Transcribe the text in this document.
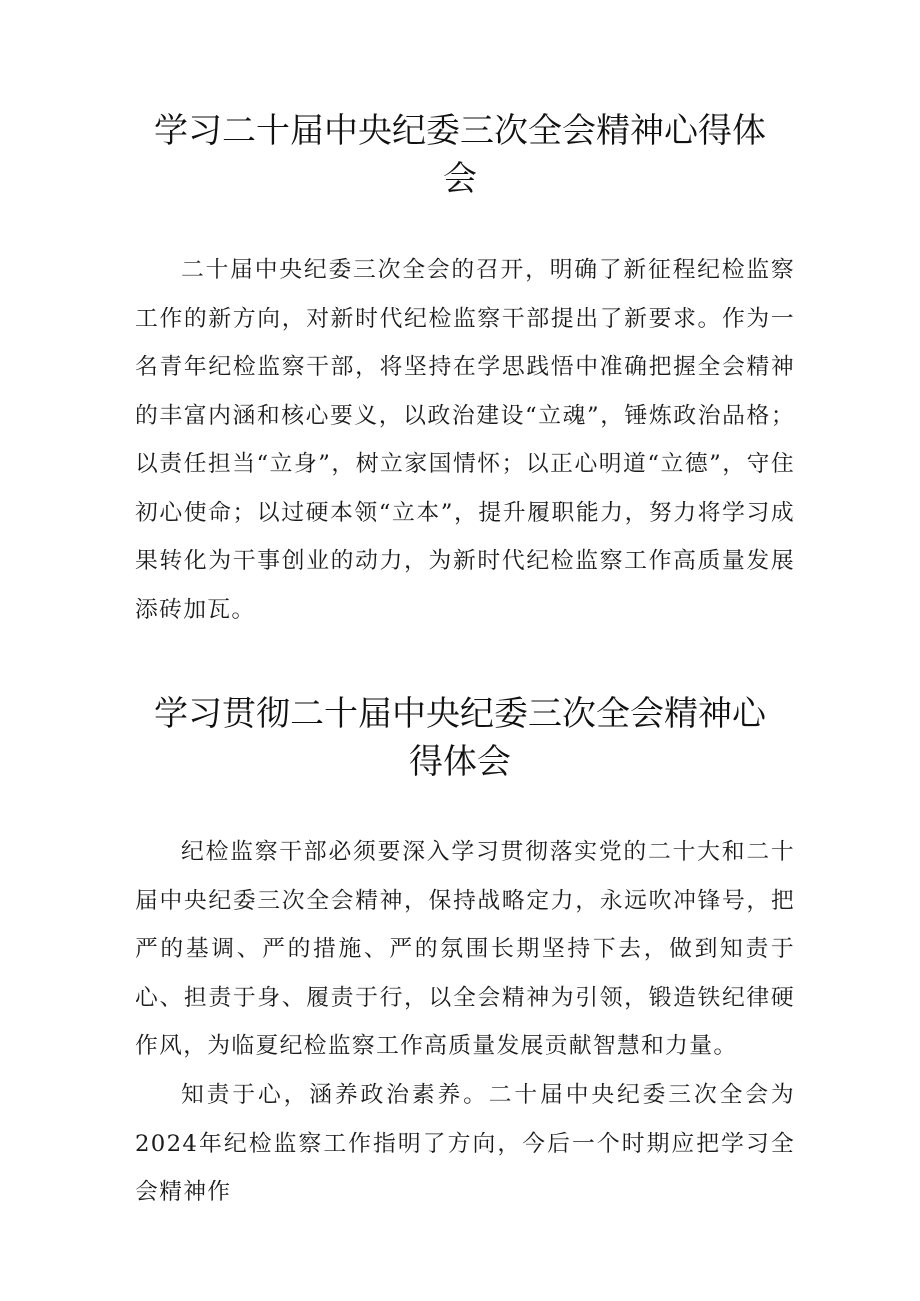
学习二十届中央纪委三次全会精神心得体会

二十届中央纪委三次全会的召开，明确了新征程纪检监察工作的新方向，对新时代纪检监察干部提出了新要求。作为一名青年纪检监察干部，将坚持在学思践悟中准确把握全会精神的丰富内涵和核心要义，以政治建设“立魂”，锤炼政治品格；以责任担当“立身”，树立家国情怀；以正心明道“立德”，守住初心使命；以过硬本领“立本”，提升履职能力，努力将学习成果转化为干事创业的动力，为新时代纪检监察工作高质量发展添砖加瓦。

学习贯彻二十届中央纪委三次全会精神心得体会

纪检监察干部必须要深入学习贯彻落实党的二十大和二十届中央纪委三次全会精神，保持战略定力，永远吹冲锋号，把严的基调、严的措施、严的氛围长期坚持下去，做到知责于心、担责于身、履责于行，以全会精神为引领，锻造铁纪律硬作风，为临夏纪检监察工作高质量发展贡献智慧和力量。

知责于心，涵养政治素养。二十届中央纪委三次全会为2024年纪检监察工作指明了方向，今后一个时期应把学习全会精神作
